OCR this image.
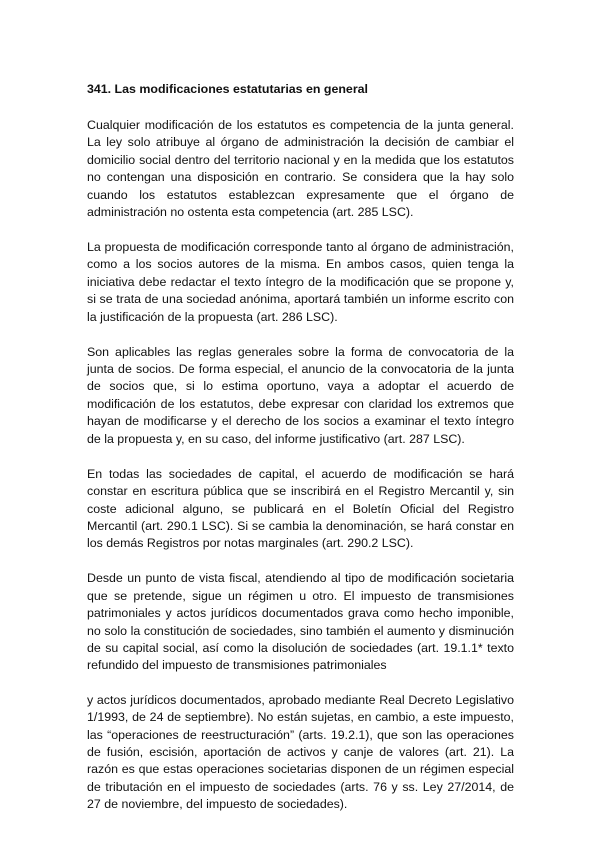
341. Las modificaciones estatutarias en general

Cualquier modificación de los estatutos es competencia de la junta general. La ley solo atribuye al órgano de administración la decisión de cambiar el domicilio social dentro del territorio nacional y en la medida que los estatutos no contengan una disposición en contrario. Se considera que la hay solo cuando los estatutos establezcan expresamente que el órgano de administración no ostenta esta competencia (art. 285 LSC).

La propuesta de modificación corresponde tanto al órgano de administración, como a los socios autores de la misma. En ambos casos, quien tenga la iniciativa debe redactar el texto íntegro de la modificación que se propone y, si se trata de una sociedad anónima, aportará también un informe escrito con la justificación de la propuesta (art. 286 LSC).

Son aplicables las reglas generales sobre la forma de convocatoria de la junta de socios. De forma especial, el anuncio de la convocatoria de la junta de socios que, si lo estima oportuno, vaya a adoptar el acuerdo de modificación de los estatutos, debe expresar con claridad los extremos que hayan de modificarse y el derecho de los socios a examinar el texto íntegro de la propuesta y, en su caso, del informe justificativo (art. 287 LSC).

En todas las sociedades de capital, el acuerdo de modificación se hará constar en escritura pública que se inscribirá en el Registro Mercantil y, sin coste adicional alguno, se publicará en el Boletín Oficial del Registro Mercantil (art. 290.1 LSC). Si se cambia la denominación, se hará constar en los demás Registros por notas marginales (art. 290.2 LSC).

Desde un punto de vista fiscal, atendiendo al tipo de modificación societaria que se pretende, sigue un régimen u otro. El impuesto de transmisiones patrimoniales y actos jurídicos documentados grava como hecho imponible, no solo la constitución de sociedades, sino también el aumento y disminución de su capital social, así como la disolución de sociedades (art. 19.1.1* texto refundido del impuesto de transmisiones patrimoniales

y actos jurídicos documentados, aprobado mediante Real Decreto Legislativo 1/1993, de 24 de septiembre). No están sujetas, en cambio, a este impuesto, las “operaciones de reestructuración” (arts. 19.2.1), que son las operaciones de fusión, escisión, aportación de activos y canje de valores (art. 21). La razón es que estas operaciones societarias disponen de un régimen especial de tributación en el impuesto de sociedades (arts. 76 y ss. Ley 27/2014, de 27 de noviembre, del impuesto de sociedades).
